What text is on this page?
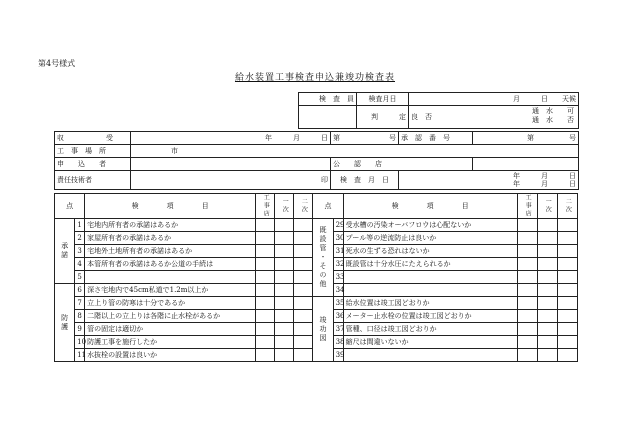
第4号様式
給水装置工事検査申込兼竣功検査表
検　査　員	検査月日	月　　　日　　天候
	判　　　定	良　否
通　水　　可
通　水　　否
収　　　　　　受	年　　　月　　　日	第　　　　　　　号	承　認　番　号	第　　　　　号
工　事　場　所	市			
申　　込　　者		公　　認　　店		
責任技術者	印	検　査　月　日	年　　　月　　　日
年　　　月　　　日	
点		検　　　　項　　　　目	工事店	一次	二次	点		検　　　　項　　　　目	工事店	一次	二次
承諾	1	宅地内所有者の承諾はあるか				既設管・その他	29	受水槽の汚染オーバフロウは心配ないか			
	2	家屋所有者の承諾はあるか					30	プール等の逆流防止は良いか			
	3	宅地外土地所有者の承諾はあるか					31	死水の生ずる恐れはないか			
	4	本管所有者の承諾はあるか公道の手続は					32	既設管は十分水圧にたえられるか			
	5						33				
防護	6	深さ宅地内で45cm私道で1.2m以上か					34				
	7	立上り管の防寒は十分であるか				竣功図	35	給水位置は竣工図どおりか			
	8	二階以上の立上りは各階に止水栓があるか					36	メーター止水栓の位置は竣工図どおりか			
	9	管の固定は適切か					37	管種、口径は竣工図どおりか			
	10	防護工事を施行したか					38	縮尺は間違いないか			
	11	水抜栓の設置は良いか					39				
